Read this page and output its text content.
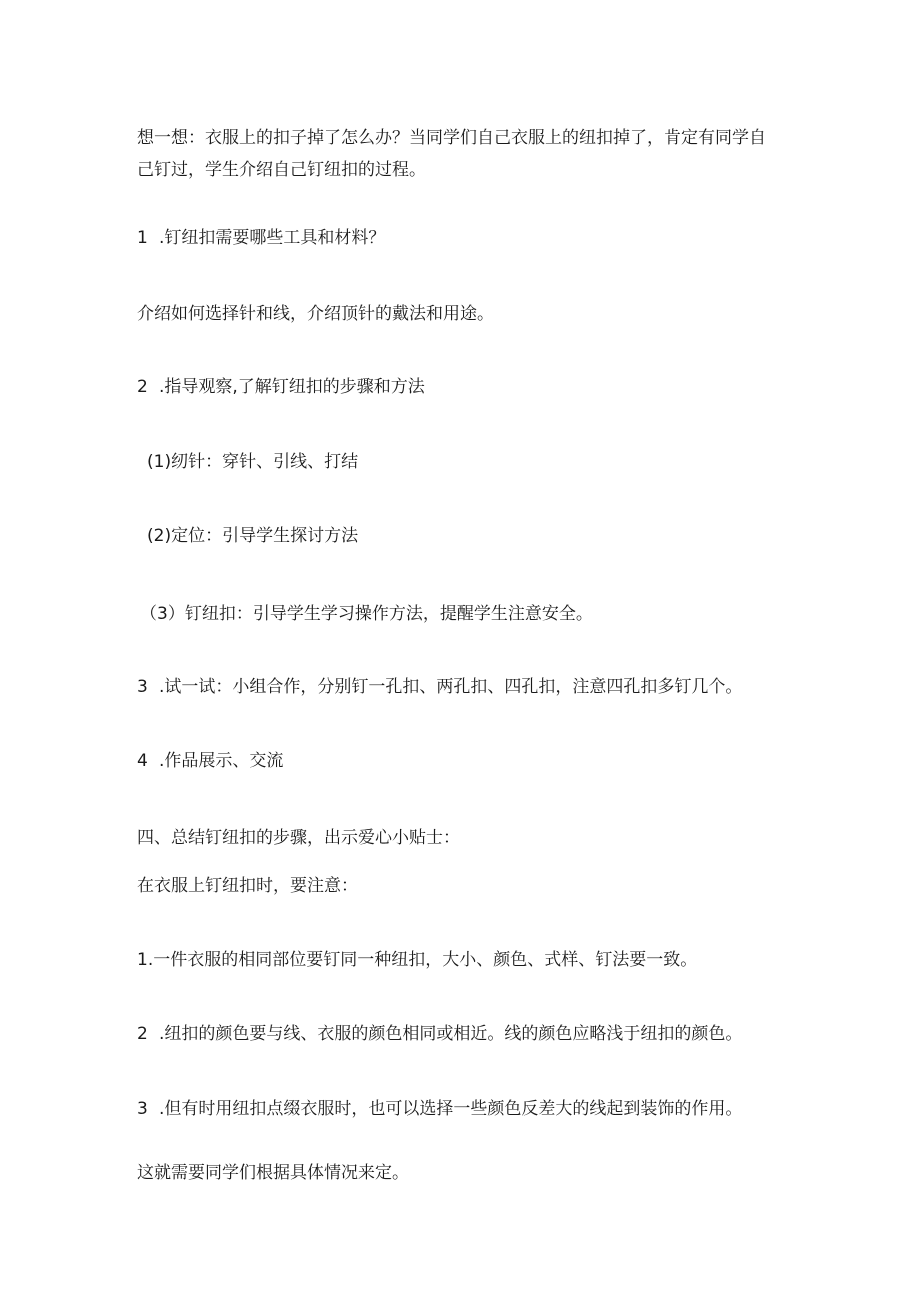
想一想：衣服上的扣子掉了怎么办？当同学们自己衣服上的纽扣掉了，肯定有同学自己钉过，学生介绍自己钉纽扣的过程。
1 .钉纽扣需要哪些工具和材料？
介绍如何选择针和线，介绍顶针的戴法和用途。
2 .指导观察,了解钉纽扣的步骤和方法
(1)纫针：穿针、引线、打结
(2)定位：引导学生探讨方法
（3）钉纽扣：引导学生学习操作方法，提醒学生注意安全。
3 .试一试：小组合作，分别钉一孔扣、两孔扣、四孔扣，注意四孔扣多钉几个。
4 .作品展示、交流
四、总结钉纽扣的步骤，出示爱心小贴士：
在衣服上钉纽扣时，要注意：
1.一件衣服的相同部位要钉同一种纽扣，大小、颜色、式样、钉法要一致。
2 .纽扣的颜色要与线、衣服的颜色相同或相近。线的颜色应略浅于纽扣的颜色。
3 .但有时用纽扣点缀衣服时，也可以选择一些颜色反差大的线起到装饰的作用。
这就需要同学们根据具体情况来定。
